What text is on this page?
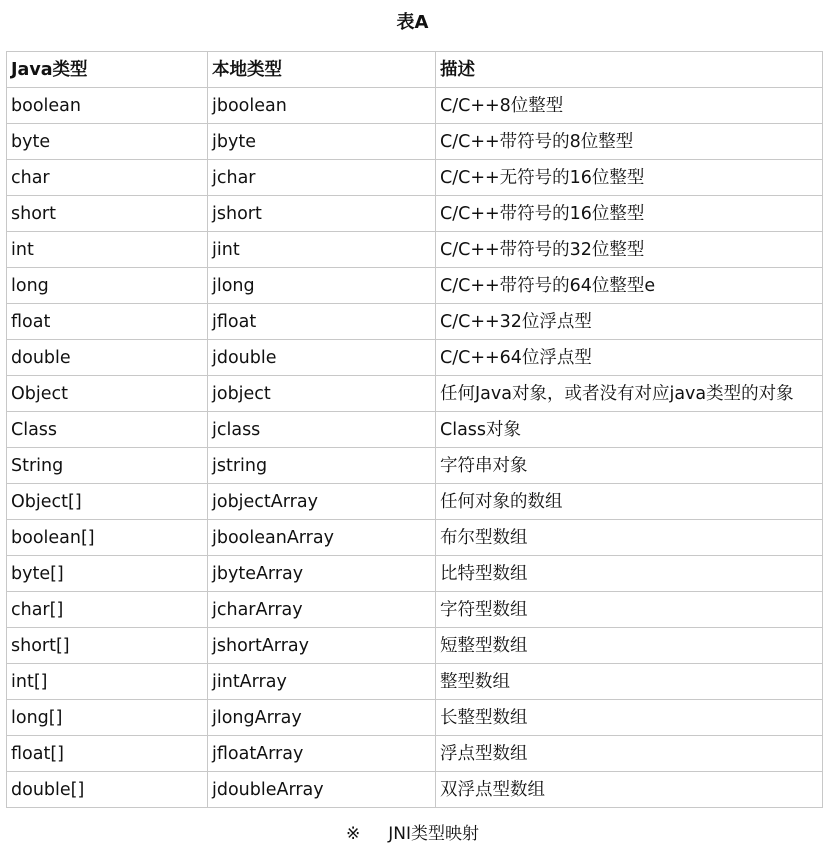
表A
Java类型	本地类型	描述
boolean	jboolean	C/C++8位整型
byte	jbyte	C/C++带符号的8位整型
char	jchar	C/C++无符号的16位整型
short	jshort	C/C++带符号的16位整型
int	jint	C/C++带符号的32位整型
long	jlong	C/C++带符号的64位整型e
float	jfloat	C/C++32位浮点型
double	jdouble	C/C++64位浮点型
Object	jobject	任何Java对象，或者没有对应java类型的对象
Class	jclass	Class对象
String	jstring	字符串对象
Object[]	jobjectArray	任何对象的数组
boolean[]	jbooleanArray	布尔型数组
byte[]	jbyteArray	比特型数组
char[]	jcharArray	字符型数组
short[]	jshortArray	短整型数组
int[]	jintArray	整型数组
long[]	jlongArray	长整型数组
float[]	jfloatArray	浮点型数组
double[]	jdoubleArray	双浮点型数组
※ JNI类型映射
